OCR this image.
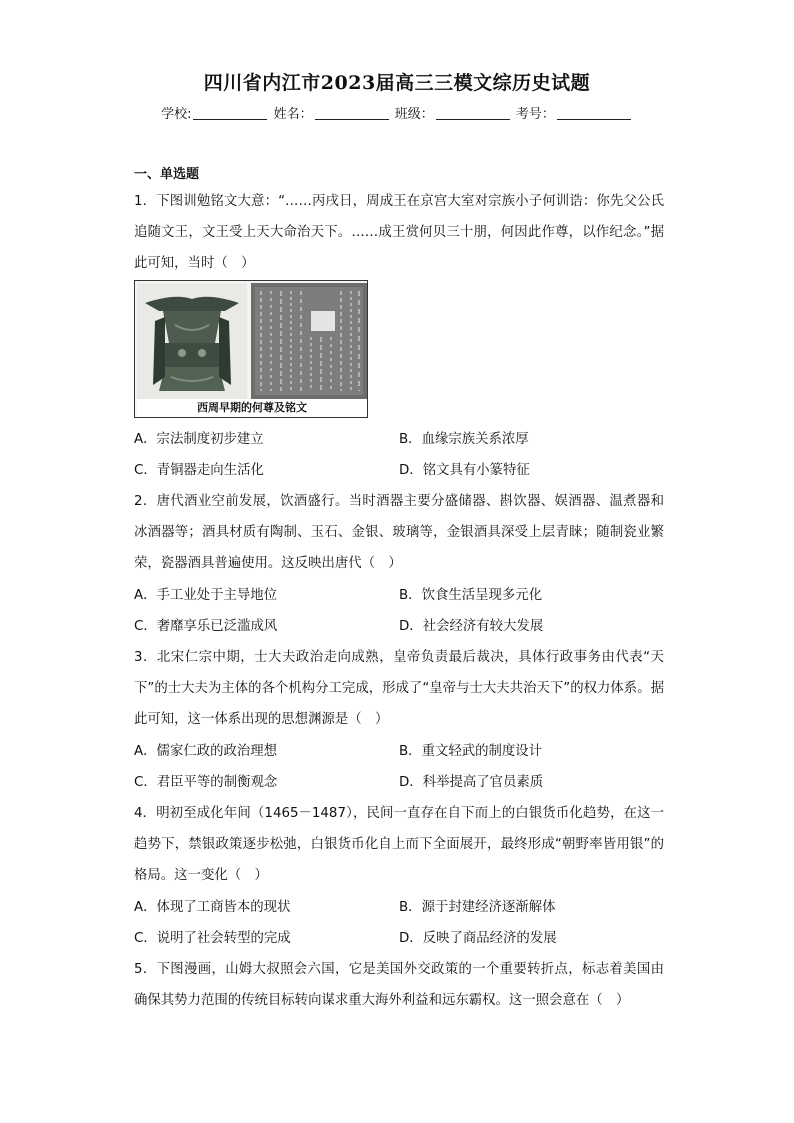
四川省内江市2023届高三三模文综历史试题
学校:	姓名：	班级：	考号：
一、单选题
1．下图训勉铭文大意：“……丙戌日，周成王在京宫大室对宗族小子何训诰：你先父公氏追随文王，文王受上天大命治天下。……成王赏何贝三十朋，何因此作尊，以作纪念。”据此可知，当时（　）
西周早期的何尊及铭文
A．宗法制度初步建立	B．血缘宗族关系浓厚
C．青铜器走向生活化	D．铭文具有小篆特征
2．唐代酒业空前发展，饮酒盛行。当时酒器主要分盛储器、斟饮器、娱酒器、温煮器和冰酒器等；酒具材质有陶制、玉石、金银、玻璃等，金银酒具深受上层青睐；随制瓷业繁荣，瓷器酒具普遍使用。这反映出唐代（　）
A．手工业处于主导地位	B．饮食生活呈现多元化
C．奢靡享乐已泛滥成风	D．社会经济有较大发展
3．北宋仁宗中期，士大夫政治走向成熟，皇帝负责最后裁决，具体行政事务由代表“天下”的士大夫为主体的各个机构分工完成，形成了“皇帝与士大夫共治天下”的权力体系。据此可知，这一体系出现的思想渊源是（　）
A．儒家仁政的政治理想	B．重文轻武的制度设计
C．君臣平等的制衡观念	D．科举提高了官员素质
4．明初至成化年间（1465－1487），民间一直存在自下而上的白银货币化趋势，在这一趋势下，禁银政策逐步松弛，白银货币化自上而下全面展开，最终形成“朝野率皆用银”的格局。这一变化（　）
A．体现了工商皆本的现状	B．源于封建经济逐渐解体
C．说明了社会转型的完成	D．反映了商品经济的发展
5．下图漫画，山姆大叔照会六国，它是美国外交政策的一个重要转折点，标志着美国由确保其势力范围的传统目标转向谋求重大海外利益和远东霸权。这一照会意在（　）
